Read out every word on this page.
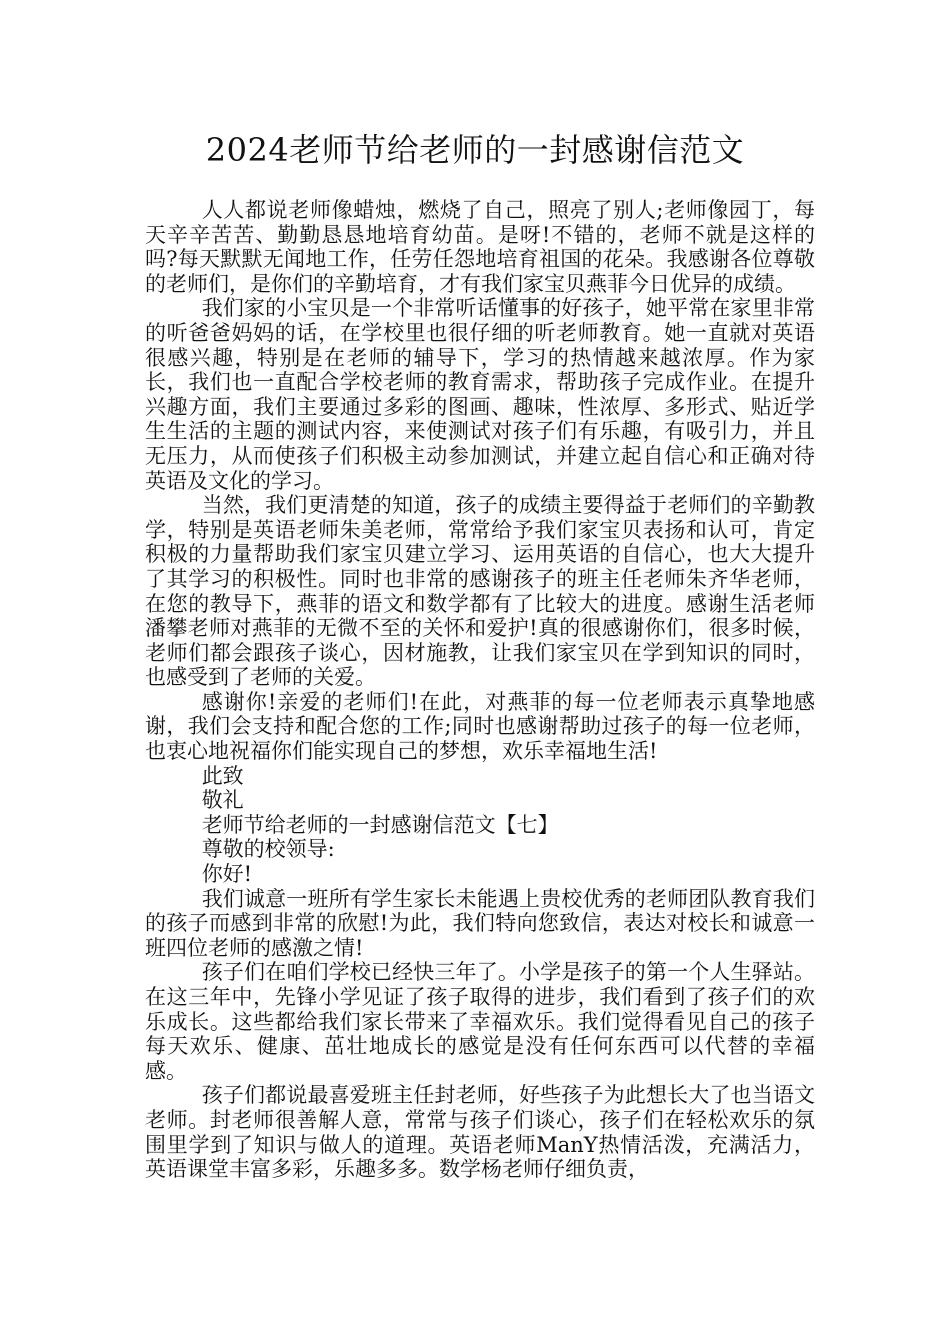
2024老师节给老师的一封感谢信范文

人人都说老师像蜡烛，燃烧了自己，照亮了别人;老师像园丁，每天辛辛苦苦、勤勤恳恳地培育幼苗。是呀!不错的，老师不就是这样的吗?每天默默无闻地工作，任劳任怨地培育祖国的花朵。我感谢各位尊敬的老师们，是你们的辛勤培育，才有我们家宝贝燕菲今日优异的成绩。

我们家的小宝贝是一个非常听话懂事的好孩子，她平常在家里非常的听爸爸妈妈的话，在学校里也很仔细的听老师教育。她一直就对英语很感兴趣，特别是在老师的辅导下，学习的热情越来越浓厚。作为家长，我们也一直配合学校老师的教育需求，帮助孩子完成作业。在提升兴趣方面，我们主要通过多彩的图画、趣味，性浓厚、多形式、贴近学生生活的主题的测试内容，来使测试对孩子们有乐趣，有吸引力，并且无压力，从而使孩子们积极主动参加测试，并建立起自信心和正确对待英语及文化的学习。

当然，我们更清楚的知道，孩子的成绩主要得益于老师们的辛勤教学，特别是英语老师朱美老师，常常给予我们家宝贝表扬和认可，肯定积极的力量帮助我们家宝贝建立学习、运用英语的自信心，也大大提升了其学习的积极性。同时也非常的感谢孩子的班主任老师朱齐华老师，在您的教导下，燕菲的语文和数学都有了比较大的进度。感谢生活老师潘攀老师对燕菲的无微不至的关怀和爱护!真的很感谢你们，很多时候，老师们都会跟孩子谈心，因材施教，让我们家宝贝在学到知识的同时，也感受到了老师的关爱。

感谢你!亲爱的老师们!在此，对燕菲的每一位老师表示真挚地感谢，我们会支持和配合您的工作;同时也感谢帮助过孩子的每一位老师，也衷心地祝福你们能实现自己的梦想，欢乐幸福地生活!

此致

敬礼

老师节给老师的一封感谢信范文【七】

尊敬的校领导:

你好!

我们诚意一班所有学生家长未能遇上贵校优秀的老师团队教育我们的孩子而感到非常的欣慰!为此，我们特向您致信，表达对校长和诚意一班四位老师的感激之情!

孩子们在咱们学校已经快三年了。小学是孩子的第一个人生驿站。在这三年中，先锋小学见证了孩子取得的进步，我们看到了孩子们的欢乐成长。这些都给我们家长带来了幸福欢乐。我们觉得看见自己的孩子每天欢乐、健康、茁壮地成长的感觉是没有任何东西可以代替的幸福感。

孩子们都说最喜爱班主任封老师，好些孩子为此想长大了也当语文老师。封老师很善解人意，常常与孩子们谈心，孩子们在轻松欢乐的氛围里学到了知识与做人的道理。英语老师ManY热情活泼，充满活力，英语课堂丰富多彩，乐趣多多。数学杨老师仔细负责，
